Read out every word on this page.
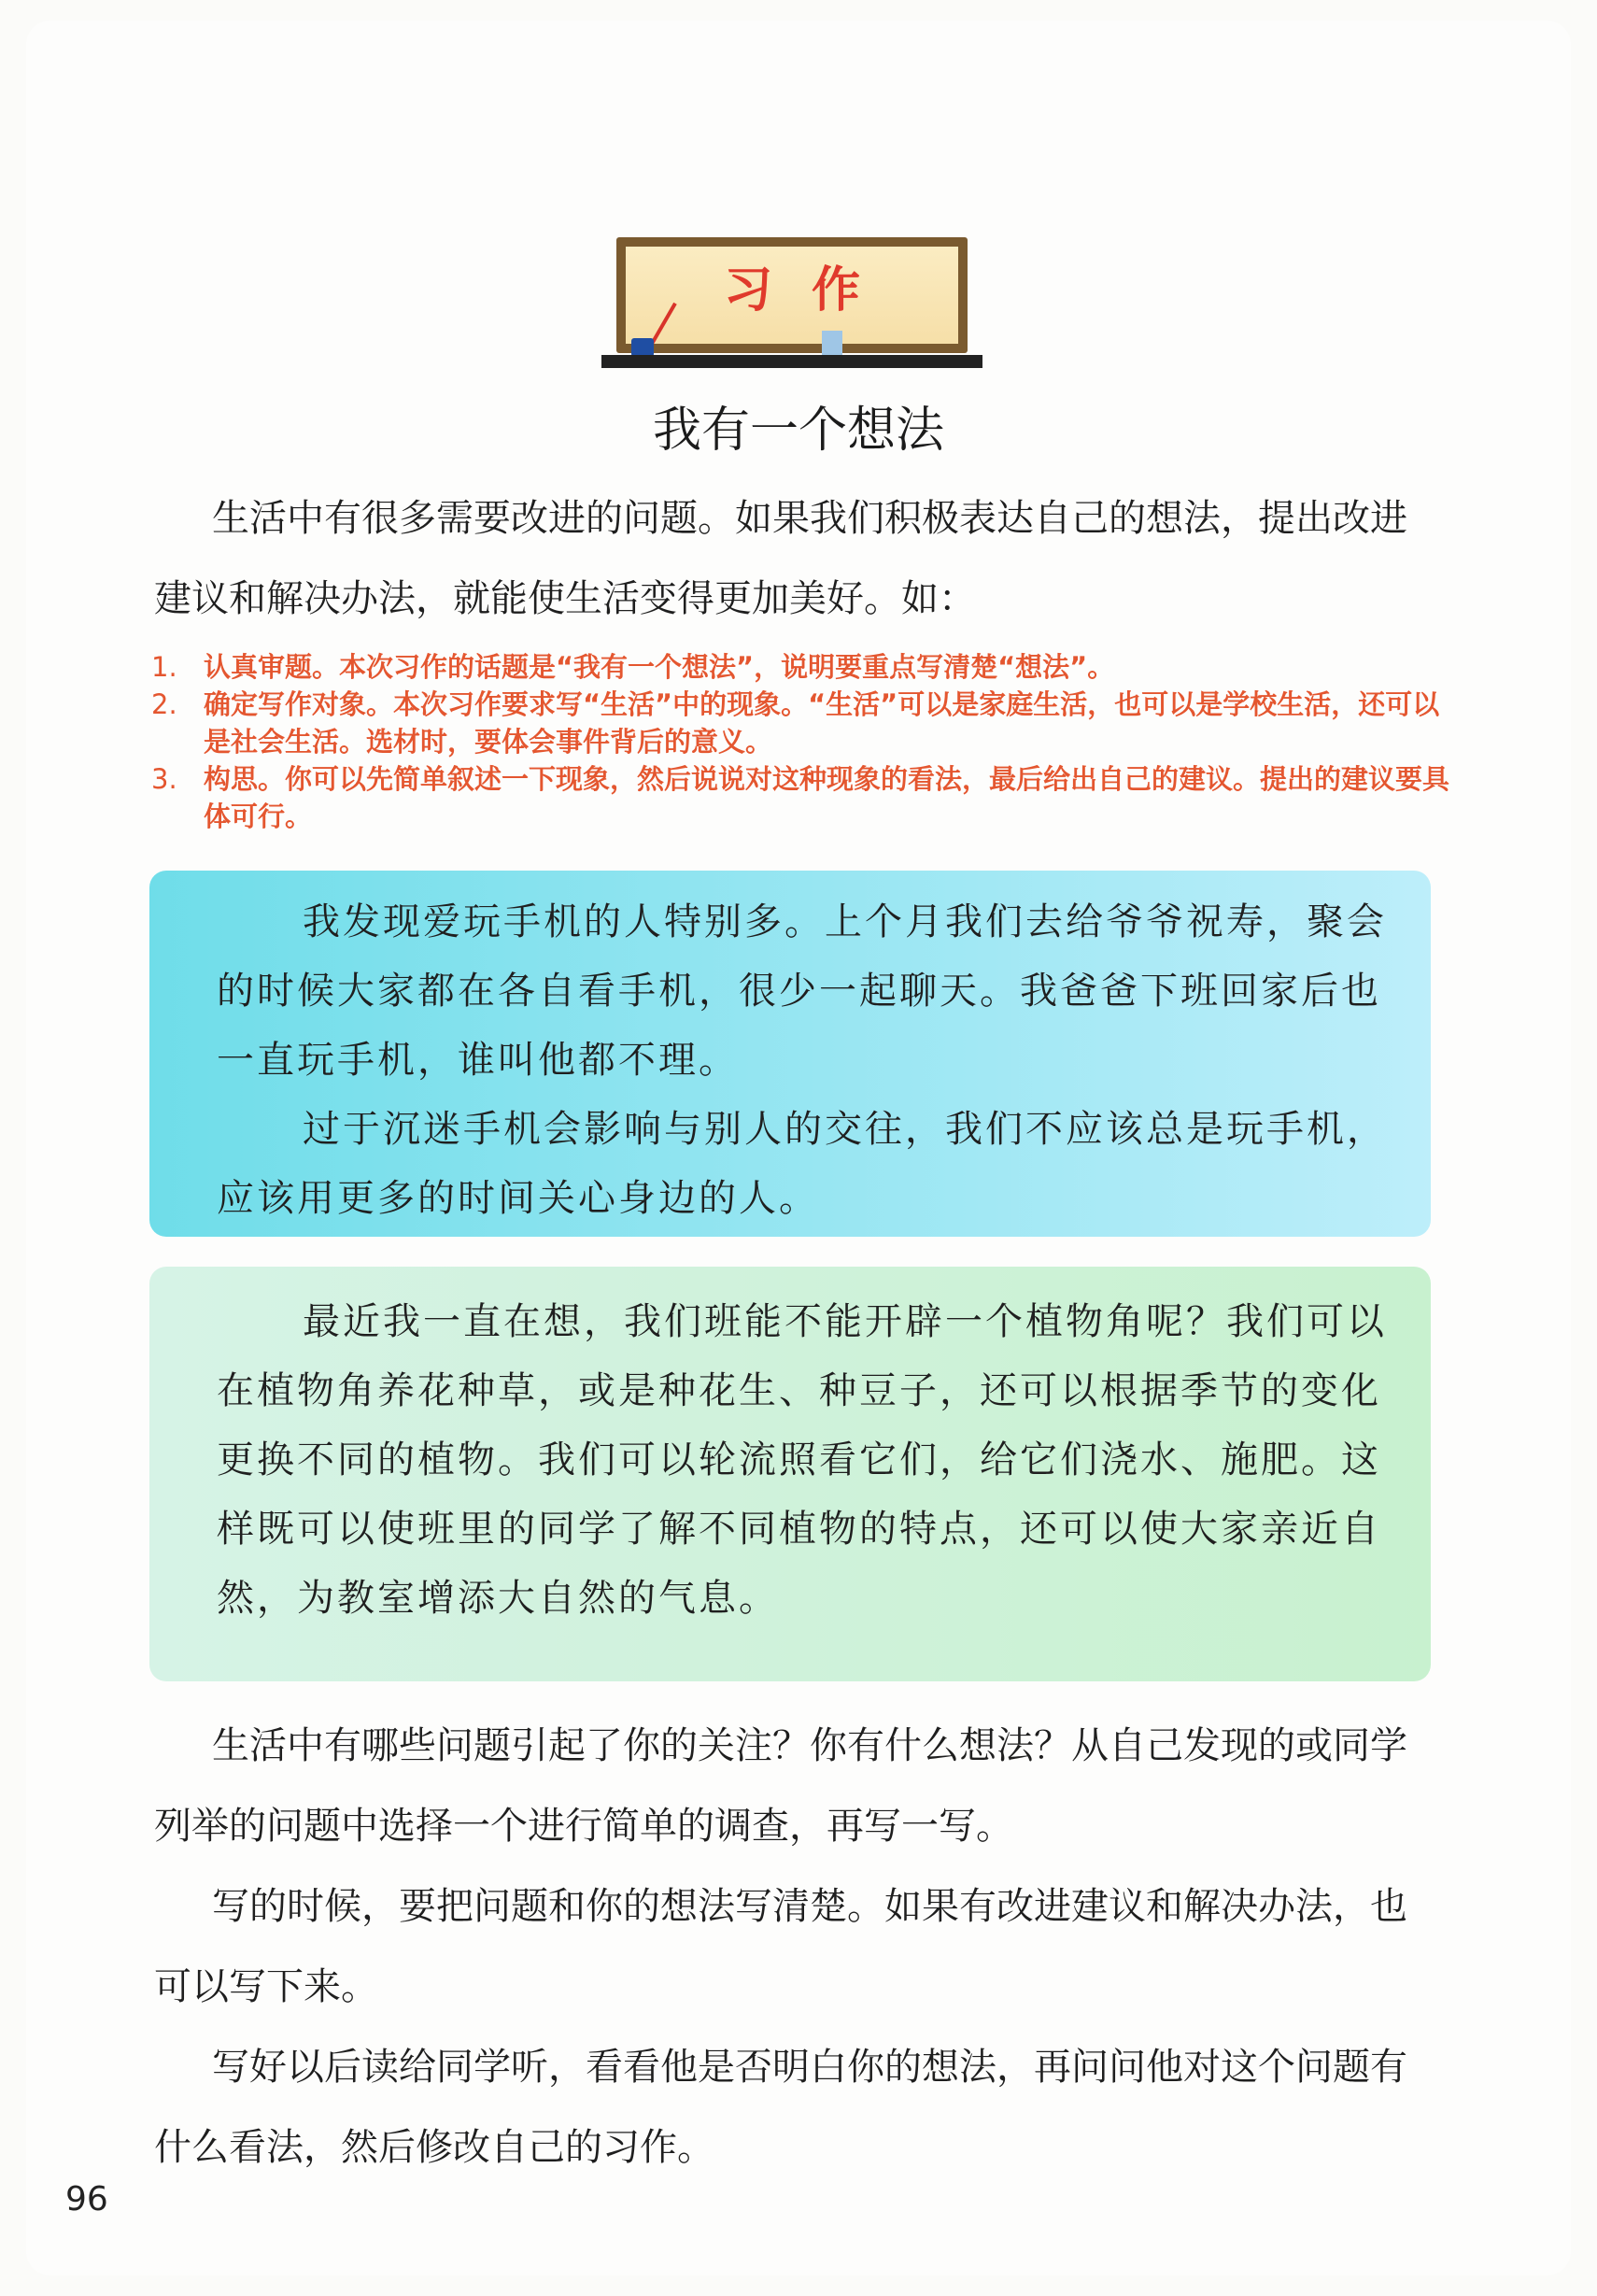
习作
我有一个想法

生活中有很多需要改进的问题。如果我们积极表达自己的想法，提出改进建议和解决办法，就能使生活变得更加美好。如：

1. 认真审题。本次习作的话题是“我有一个想法”，说明要重点写清楚“想法”。
2. 确定写作对象。本次习作要求写“生活”中的现象。“生活”可以是家庭生活，也可以是学校生活，还可以是社会生活。选材时，要体会事件背后的意义。
3. 构思。你可以先简单叙述一下现象，然后说说对这种现象的看法，最后给出自己的建议。提出的建议要具体可行。

我发现爱玩手机的人特别多。上个月我们去给爷爷祝寿，聚会的时候大家都在各自看手机，很少一起聊天。我爸爸下班回家后也一直玩手机，谁叫他都不理。

过于沉迷手机会影响与别人的交往，我们不应该总是玩手机，应该用更多的时间关心身边的人。

最近我一直在想，我们班能不能开辟一个植物角呢？我们可以在植物角养花种草，或是种花生、种豆子，还可以根据季节的变化更换不同的植物。我们可以轮流照看它们，给它们浇水、施肥。这样既可以使班里的同学了解不同植物的特点，还可以使大家亲近自然，为教室增添大自然的气息。

生活中有哪些问题引起了你的关注？你有什么想法？从自己发现的或同学列举的问题中选择一个进行简单的调查，再写一写。

写的时候，要把问题和你的想法写清楚。如果有改进建议和解决办法，也可以写下来。

写好以后读给同学听，看看他是否明白你的想法，再问问他对这个问题有什么看法，然后修改自己的习作。

96
